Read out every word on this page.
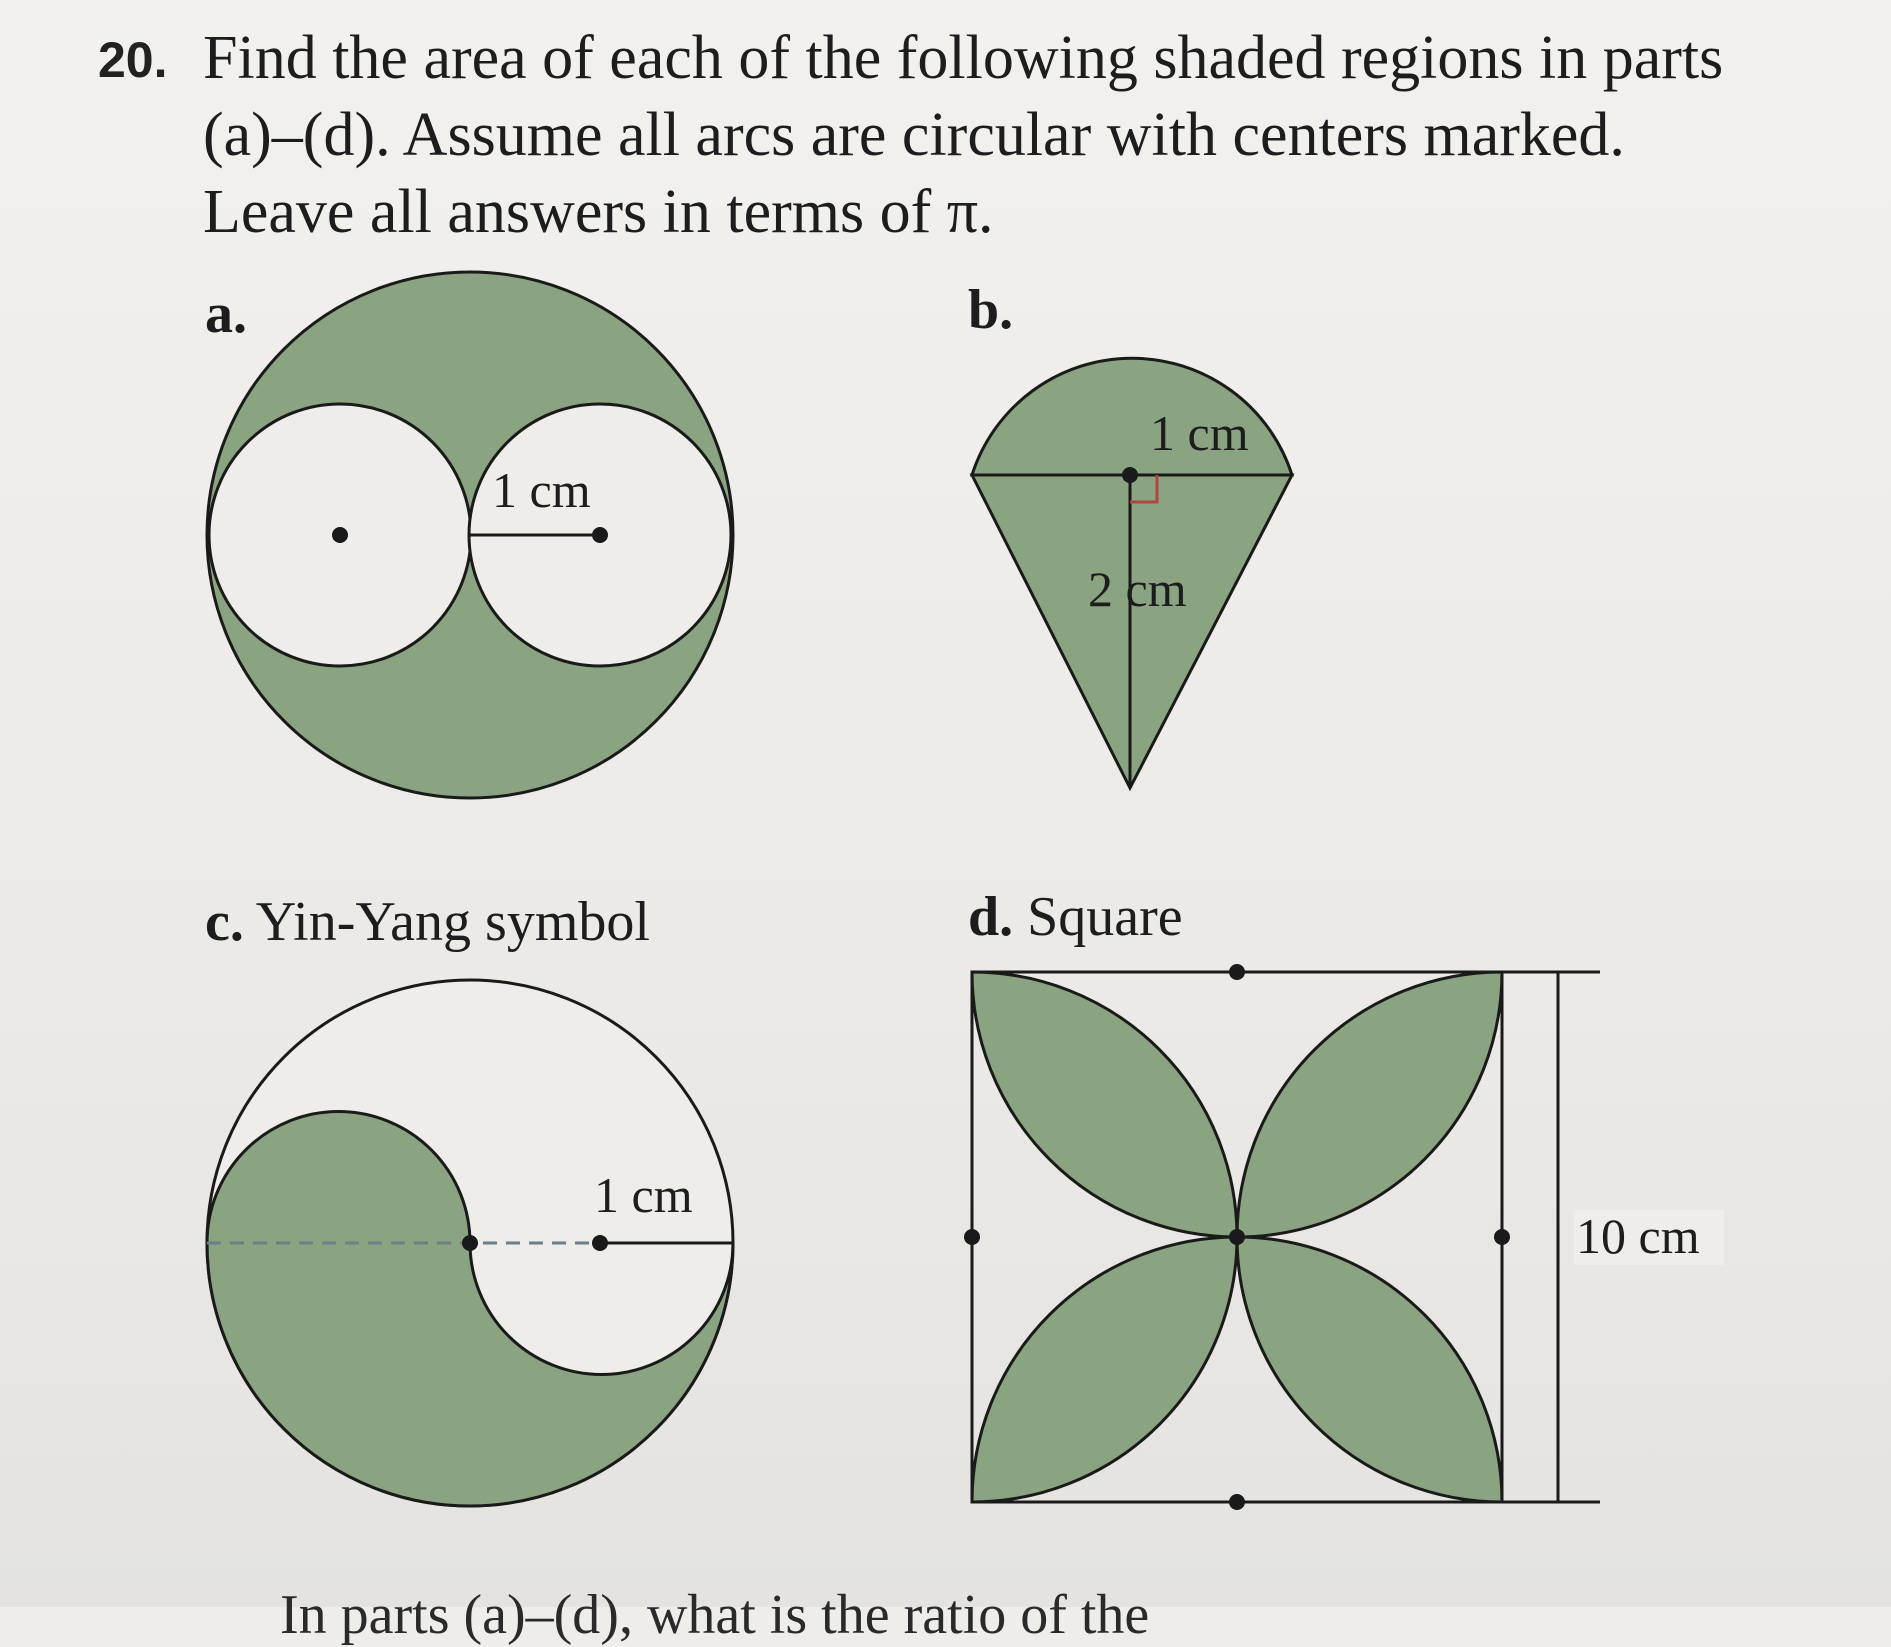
20. Find the area of each of the following shaded regions in parts (a)–(d). Assume all arcs are circular with centers marked. Leave all answers in terms of π.
a.
1 cm
b.
1 cm
2 cm
c. Yin-Yang symbol
1 cm
d. Square
10 cm
In parts (a)–(d), what is the ratio of the
